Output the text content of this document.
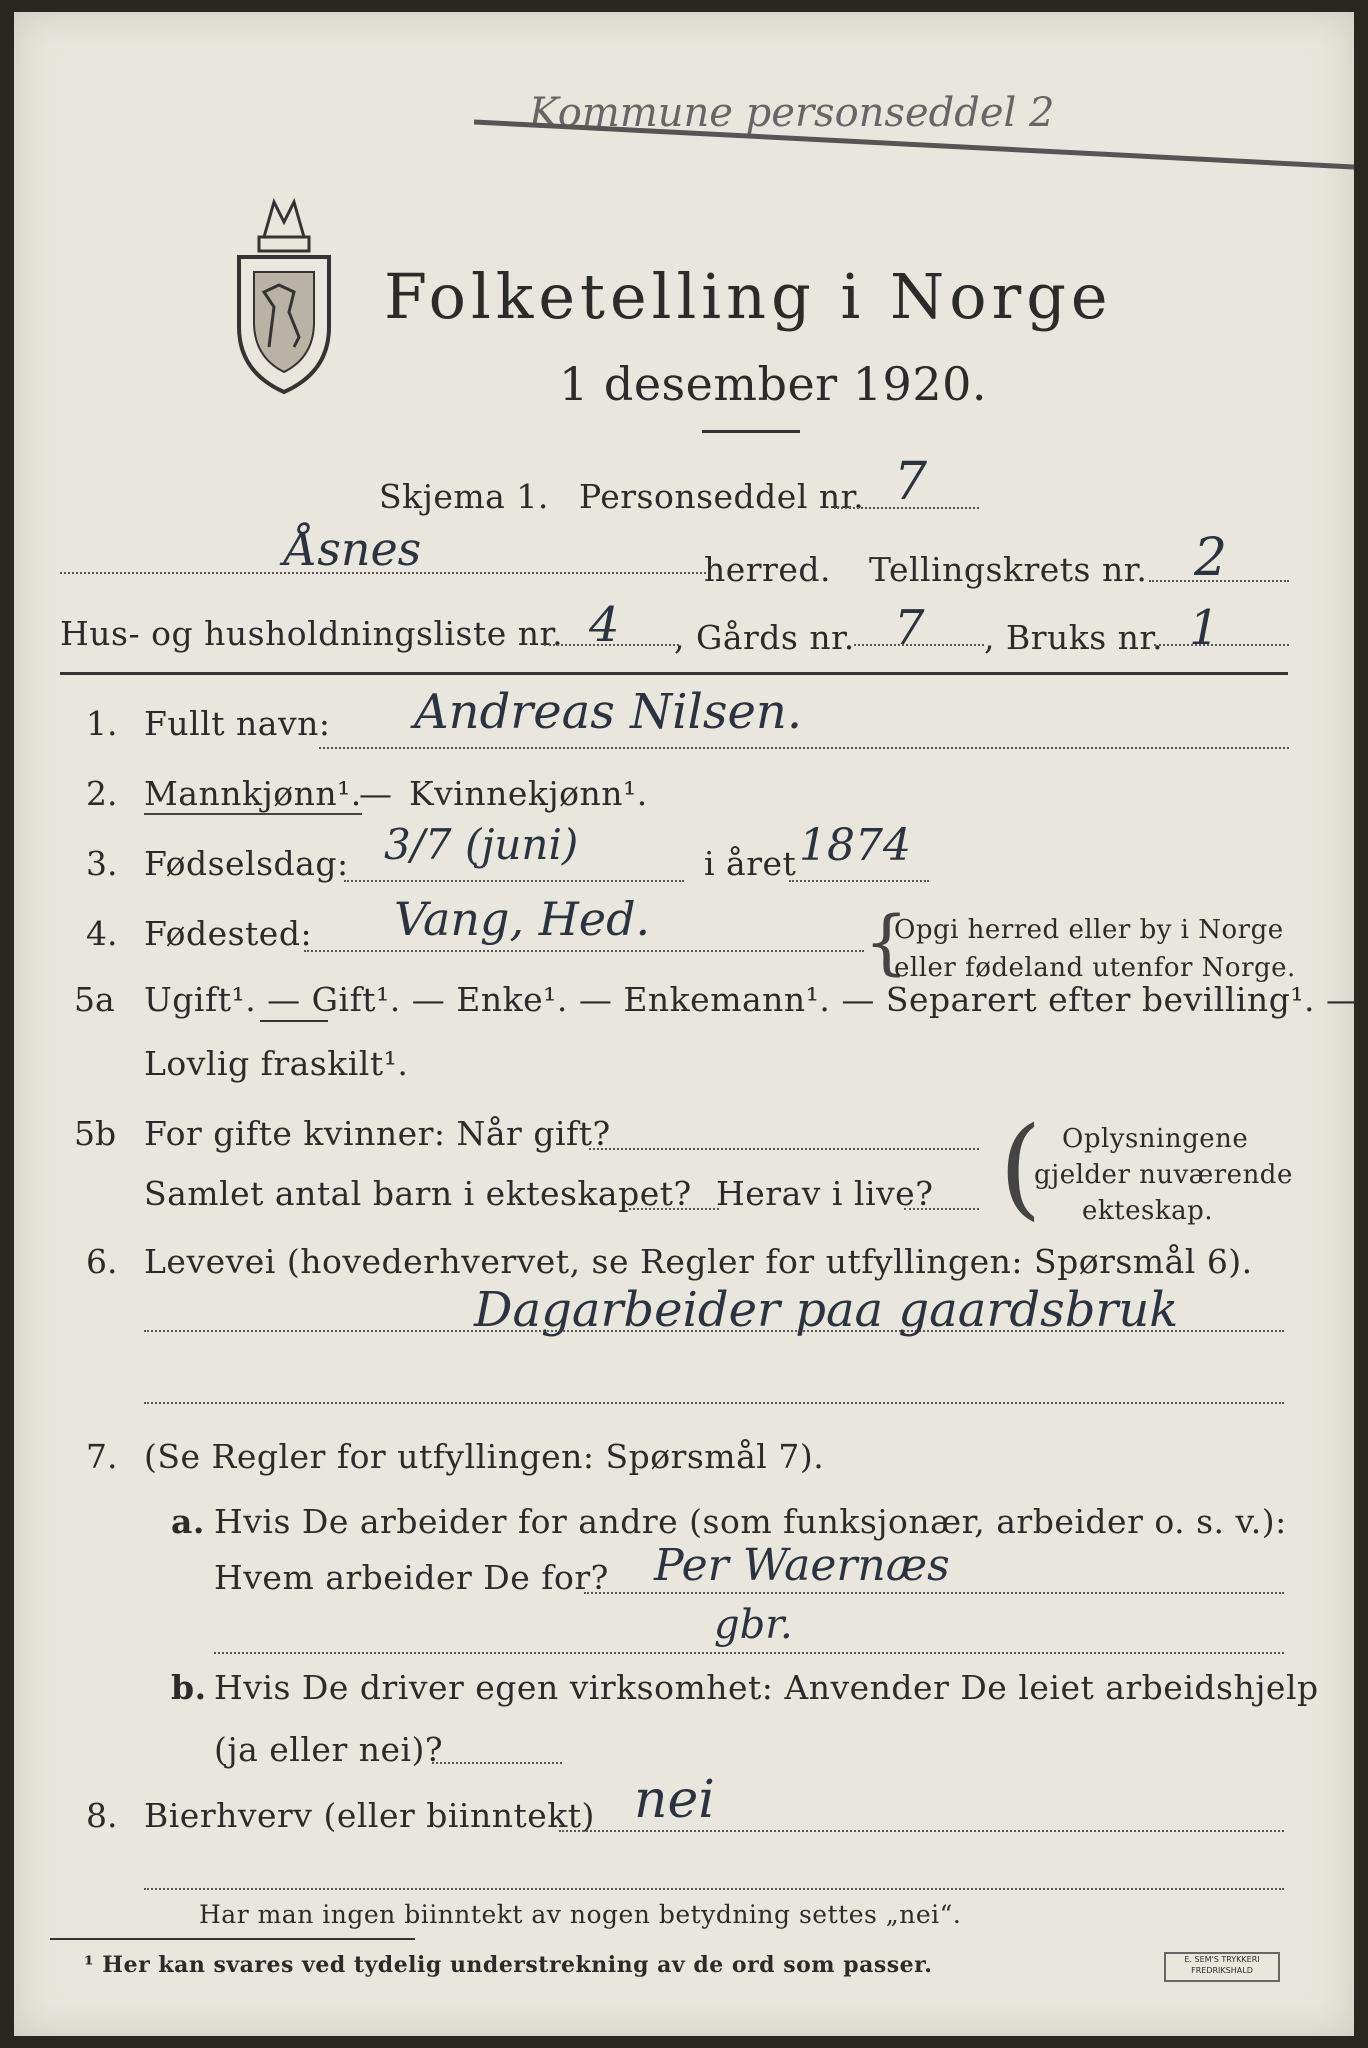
Kommune personseddel 2
Folketelling i Norge
1 desember 1920.
Skjema 1. Personseddel nr. 7
Åsnes	herred. Tellingskrets nr. 2
Hus- og husholdningsliste nr. 4 , Gårds nr. 7 , Bruks nr. 1
1. Fullt navn: Andreas Nilsen.
2. Mannkjønn¹.
— Kvinnekjønn¹.
3. Fødselsdag: 3/7 (juni)	i året 1874
4. Fødested: Vang, Hed.	{
Opgi herred eller by i Norge
eller fødeland utenfor Norge.
5a Ugift¹. — Gift¹. — Enke¹. — Enkemann¹. — Separert efter bevilling¹. —
Lovlig fraskilt¹.
5b For gifte kvinner: Når gift?
Samlet antal barn i ekteskapet? Herav i live? ( Oplysningene
gjelder nuværende
ekteskap.
6. Levevei (hovederhvervet, se Regler for utfyllingen: Spørsmål 6).
Dagarbeider paa gaardsbruk
7. (Se Regler for utfyllingen: Spørsmål 7).
a. Hvis De arbeider for andre (som funksjonær, arbeider o. s. v.):
Hvem arbeider De for? Per Waernæs
gbr.
b. Hvis De driver egen virksomhet: Anvender De leiet arbeidshjelp
(ja eller nei)?
8. Bierhverv (eller biinntekt) nei
Har man ingen biinntekt av nogen betydning settes „nei“.
¹ Her kan svares ved tydelig understrekning av de ord som passer.	E. SEM'S TRYKKERI FREDRIKSHALD
